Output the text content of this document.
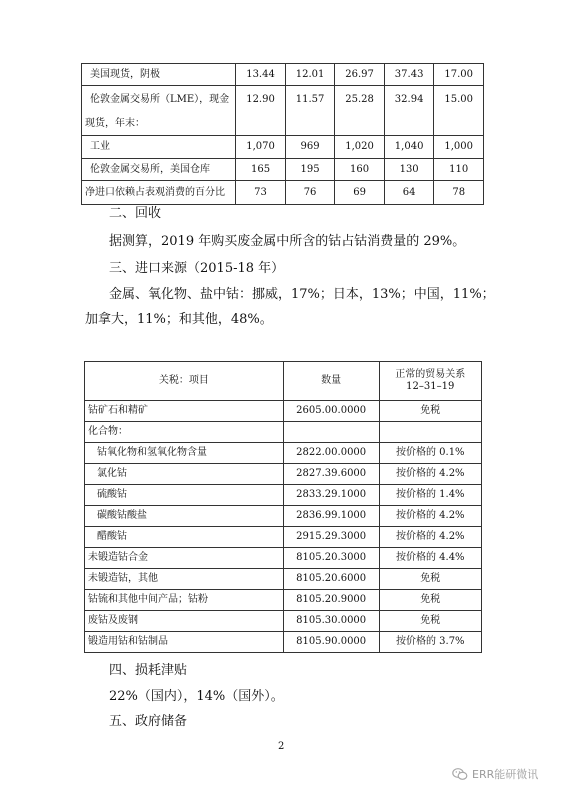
美国现货，阴极	13.44	12.01	26.97	37.43	17.00
伦敦金属交易所（LME），现金	12.90	11.57	25.28	32.94	15.00
现货，年末：					
工业	1,070	969	1,020	1,040	1,000
伦敦金属交易所，美国仓库	165	195	160	130	110
净进口依赖占表观消费的百分比	73	76	69	64	78
二、回收
据测算，2019 年购买废金属中所含的钴占钴消费量的 29%。
三、进口来源（2015-18 年）
金属、氧化物、盐中钴：挪威，17%；日本，13%；中国，11%；
加拿大，11%；和其他，48%。
关税：项目	数量	正常的贸易关系
12–31–19

钴矿石和精矿	2605.00.0000	免税
化合物：		
钴氧化物和氢氧化物含量	2822.00.0000	按价格的 0.1%
氯化钴	2827.39.6000	按价格的 4.2%
硫酸钴	2833.29.1000	按价格的 1.4%
碳酸钴酸盐	2836.99.1000	按价格的 4.2%
醋酸钴	2915.29.3000	按价格的 4.2%
未锻造钴合金	8105.20.3000	按价格的 4.4%
未锻造钴，其他	8105.20.6000	免税
钴锍和其他中间产品；钴粉	8105.20.9000	免税
废钴及废钢	8105.30.0000	免税
锻造用钴和钴制品	8105.90.0000	按价格的 3.7%
四、损耗津贴
22%（国内），14%（国外）。
五、政府储备
2
ERR能研微讯
